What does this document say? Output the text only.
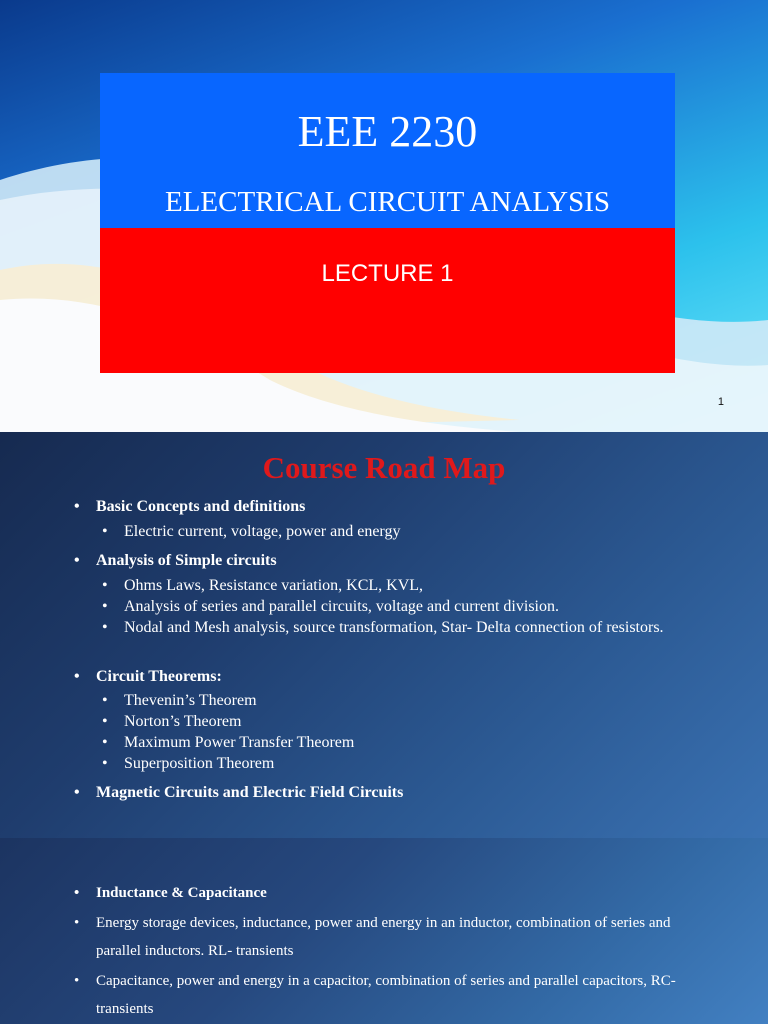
EEE 2230
ELECTRICAL CIRCUIT ANALYSIS
LECTURE 1
1
Course Road Map
• Basic Concepts and definitions
• Electric current, voltage, power and energy
• Analysis of Simple circuits
• Ohms Laws, Resistance variation, KCL, KVL,
• Analysis of series and parallel circuits, voltage and current division.
• Nodal and Mesh analysis, source transformation, Star- Delta connection of resistors.
• Circuit Theorems:
• Thevenin’s Theorem
• Norton’s Theorem
• Maximum Power Transfer Theorem
• Superposition Theorem
• Magnetic Circuits and Electric Field Circuits
• Inductance & Capacitance
• Energy storage devices, inductance, power and energy in an inductor, combination of series and parallel inductors. RL- transients
• Capacitance, power and energy in a capacitor, combination of series and parallel capacitors, RC- transients
